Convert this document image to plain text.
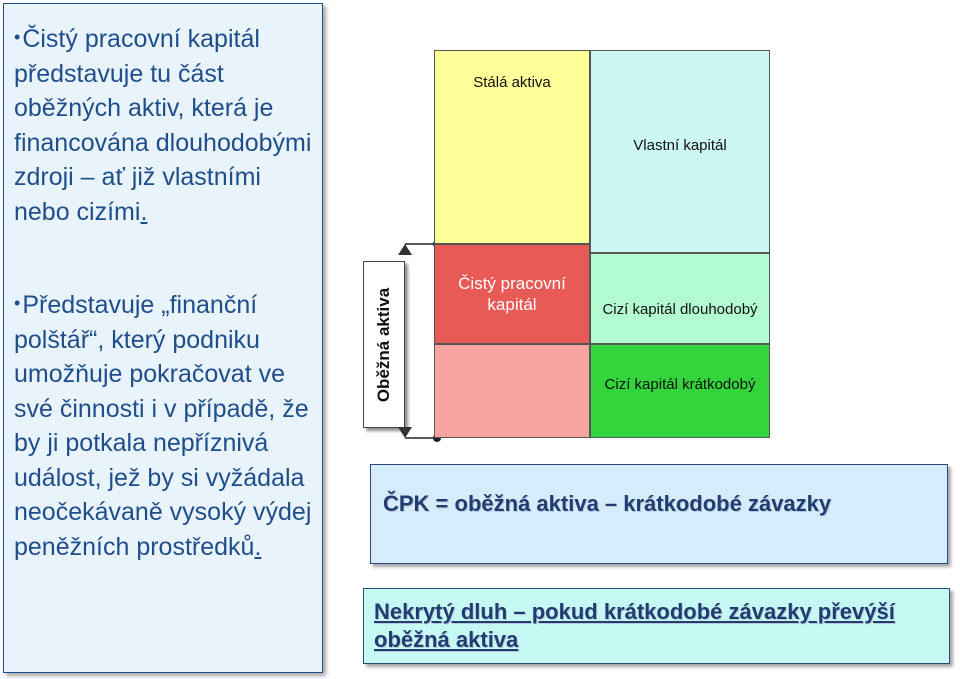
•Čistý pracovní kapitál představuje tu část oběžných aktiv, která je financována dlouhodobými zdroji – ať již vlastními nebo cizími.
•Představuje „finanční polštář“, který podniku umožňuje pokračovat ve své činnosti i v případě, že by ji potkala nepříznivá událost, jež by si vyžádala neočekávaně vysoký výdej peněžních prostředků.
Oběžná aktiva
Stálá aktiva
Vlastní kapitál
Čistý pracovní kapitál	Cizí kapitál dlouhodobý
Cizí kapitál krátkodobý
ČPK = oběžná aktiva – krátkodobé závazky
Nekrytý dluh – pokud krátkodobé závazky převýší oběžná aktiva
